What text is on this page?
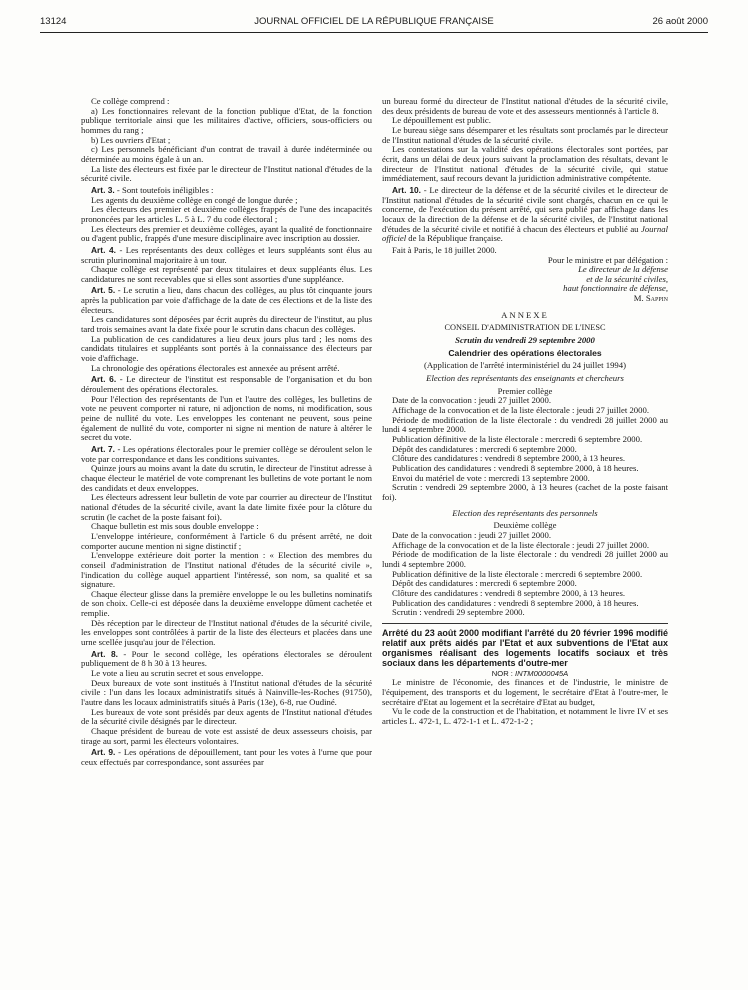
13124	JOURNAL OFFICIEL DE LA RÉPUBLIQUE FRANÇAISE	26 août 2000

Ce collège comprend :

a) Les fonctionnaires relevant de la fonction publique d'Etat, de la fonction publique territoriale ainsi que les militaires d'active, officiers, sous-officiers ou hommes du rang ;

b) Les ouvriers d'Etat ;

c) Les personnels bénéficiant d'un contrat de travail à durée indéterminée ou déterminée au moins égale à un an.

La liste des électeurs est fixée par le directeur de l'Institut national d'études de la sécurité civile.

Art. 3. - Sont toutefois inéligibles :

Les agents du deuxième collège en congé de longue durée ;

Les électeurs des premier et deuxième collèges frappés de l'une des incapacités prononcées par les articles L. 5 à L. 7 du code électoral ;

Les électeurs des premier et deuxième collèges, ayant la qualité de fonctionnaire ou d'agent public, frappés d'une mesure disciplinaire avec inscription au dossier.

Art. 4. - Les représentants des deux collèges et leurs suppléants sont élus au scrutin plurinominal majoritaire à un tour.

Chaque collège est représenté par deux titulaires et deux suppléants élus. Les candidatures ne sont recevables que si elles sont assorties d'une suppléance.

Art. 5. - Le scrutin a lieu, dans chacun des collèges, au plus tôt cinquante jours après la publication par voie d'affichage de la date de ces élections et de la liste des électeurs.

Les candidatures sont déposées par écrit auprès du directeur de l'institut, au plus tard trois semaines avant la date fixée pour le scrutin dans chacun des collèges.

La publication de ces candidatures a lieu deux jours plus tard ; les noms des candidats titulaires et suppléants sont portés à la connaissance des électeurs par voie d'affichage.

La chronologie des opérations électorales est annexée au présent arrêté.

Art. 6. - Le directeur de l'institut est responsable de l'organisation et du bon déroulement des opérations électorales.

Pour l'élection des représentants de l'un et l'autre des collèges, les bulletins de vote ne peuvent comporter ni rature, ni adjonction de noms, ni modification, sous peine de nullité du vote. Les enveloppes les contenant ne peuvent, sous peine également de nullité du vote, comporter ni signe ni mention de nature à altérer le secret du vote.

Art. 7. - Les opérations électorales pour le premier collège se déroulent selon le vote par correspondance et dans les conditions suivantes.

Quinze jours au moins avant la date du scrutin, le directeur de l'institut adresse à chaque électeur le matériel de vote comprenant les bulletins de vote portant le nom des candidats et deux enveloppes.

Les électeurs adressent leur bulletin de vote par courrier au directeur de l'Institut national d'études de la sécurité civile, avant la date limite fixée pour la clôture du scrutin (le cachet de la poste faisant foi).

Chaque bulletin est mis sous double enveloppe :

L'enveloppe intérieure, conformément à l'article 6 du présent arrêté, ne doit comporter aucune mention ni signe distinctif ;

L'enveloppe extérieure doit porter la mention : « Election des membres du conseil d'administration de l'Institut national d'études de la sécurité civile », l'indication du collège auquel appartient l'intéressé, son nom, sa qualité et sa signature.

Chaque électeur glisse dans la première enveloppe le ou les bulletins nominatifs de son choix. Celle-ci est déposée dans la deuxième enveloppe dûment cachetée et remplie.

Dès réception par le directeur de l'Institut national d'études de la sécurité civile, les enveloppes sont contrôlées à partir de la liste des électeurs et placées dans une urne scellée jusqu'au jour de l'élection.

Art. 8. - Pour le second collège, les opérations électorales se déroulent publiquement de 8 h 30 à 13 heures.

Le vote a lieu au scrutin secret et sous enveloppe.

Deux bureaux de vote sont institués à l'Institut national d'études de la sécurité civile : l'un dans les locaux administratifs situés à Nainville-les-Roches (91750), l'autre dans les locaux administratifs situés à Paris (13e), 6-8, rue Oudiné.

Les bureaux de vote sont présidés par deux agents de l'Institut national d'études de la sécurité civile désignés par le directeur.

Chaque président de bureau de vote est assisté de deux assesseurs choisis, par tirage au sort, parmi les électeurs volontaires.

Art. 9. - Les opérations de dépouillement, tant pour les votes à l'urne que pour ceux effectués par correspondance, sont assurées par

un bureau formé du directeur de l'Institut national d'études de la sécurité civile, des deux présidents de bureau de vote et des assesseurs mentionnés à l'article 8.

Le dépouillement est public.

Le bureau siège sans désemparer et les résultats sont proclamés par le directeur de l'Institut national d'études de la sécurité civile.

Les contestations sur la validité des opérations électorales sont portées, par écrit, dans un délai de deux jours suivant la proclamation des résultats, devant le directeur de l'Institut national d'études de la sécurité civile, qui statue immédiatement, sauf recours devant la juridiction administrative compétente.

Art. 10. - Le directeur de la défense et de la sécurité civiles et le directeur de l'Institut national d'études de la sécurité civile sont chargés, chacun en ce qui le concerne, de l'exécution du présent arrêté, qui sera publié par affichage dans les locaux de la direction de la défense et de la sécurité civiles, de l'Institut national d'études de la sécurité civile et notifié à chacun des électeurs et publié au Journal officiel de la République française.

Fait à Paris, le 18 juillet 2000.

Pour le ministre et par délégation :

Le directeur de la défense

et de la sécurité civiles,

haut fonctionnaire de défense,

M. Sappin

ANNEXE

CONSEIL D'ADMINISTRATION DE L'INESC

Scrutin du vendredi 29 septembre 2000

Calendrier des opérations électorales

(Application de l'arrêté interministériel du 24 juillet 1994)

Election des représentants des enseignants et chercheurs

Premier collège

Date de la convocation : jeudi 27 juillet 2000.

Affichage de la convocation et de la liste électorale : jeudi 27 juillet 2000.

Période de modification de la liste électorale : du vendredi 28 juillet 2000 au lundi 4 septembre 2000.

Publication définitive de la liste électorale : mercredi 6 septembre 2000.

Dépôt des candidatures : mercredi 6 septembre 2000.

Clôture des candidatures : vendredi 8 septembre 2000, à 13 heures.

Publication des candidatures : vendredi 8 septembre 2000, à 18 heures.

Envoi du matériel de vote : mercredi 13 septembre 2000.

Scrutin : vendredi 29 septembre 2000, à 13 heures (cachet de la poste faisant foi).

Election des représentants des personnels

Deuxième collège

Date de la convocation : jeudi 27 juillet 2000.

Affichage de la convocation et de la liste électorale : jeudi 27 juillet 2000.

Période de modification de la liste électorale : du vendredi 28 juillet 2000 au lundi 4 septembre 2000.

Publication définitive de la liste électorale : mercredi 6 septembre 2000.

Dépôt des candidatures : mercredi 6 septembre 2000.

Clôture des candidatures : vendredi 8 septembre 2000, à 13 heures.

Publication des candidatures : vendredi 8 septembre 2000, à 18 heures.

Scrutin : vendredi 29 septembre 2000.

Arrêté du 23 août 2000 modifiant l'arrêté du 20 février 1996 modifié relatif aux prêts aidés par l'Etat et aux subventions de l'Etat aux organismes réalisant des logements locatifs sociaux et très sociaux dans les départements d'outre-mer

NOR : INTM0000045A

Le ministre de l'économie, des finances et de l'industrie, le ministre de l'équipement, des transports et du logement, le secrétaire d'Etat à l'outre-mer, le secrétaire d'Etat au logement et la secrétaire d'Etat au budget,

Vu le code de la construction et de l'habitation, et notamment le livre IV et ses articles L. 472-1, L. 472-1-1 et L. 472-1-2 ;
